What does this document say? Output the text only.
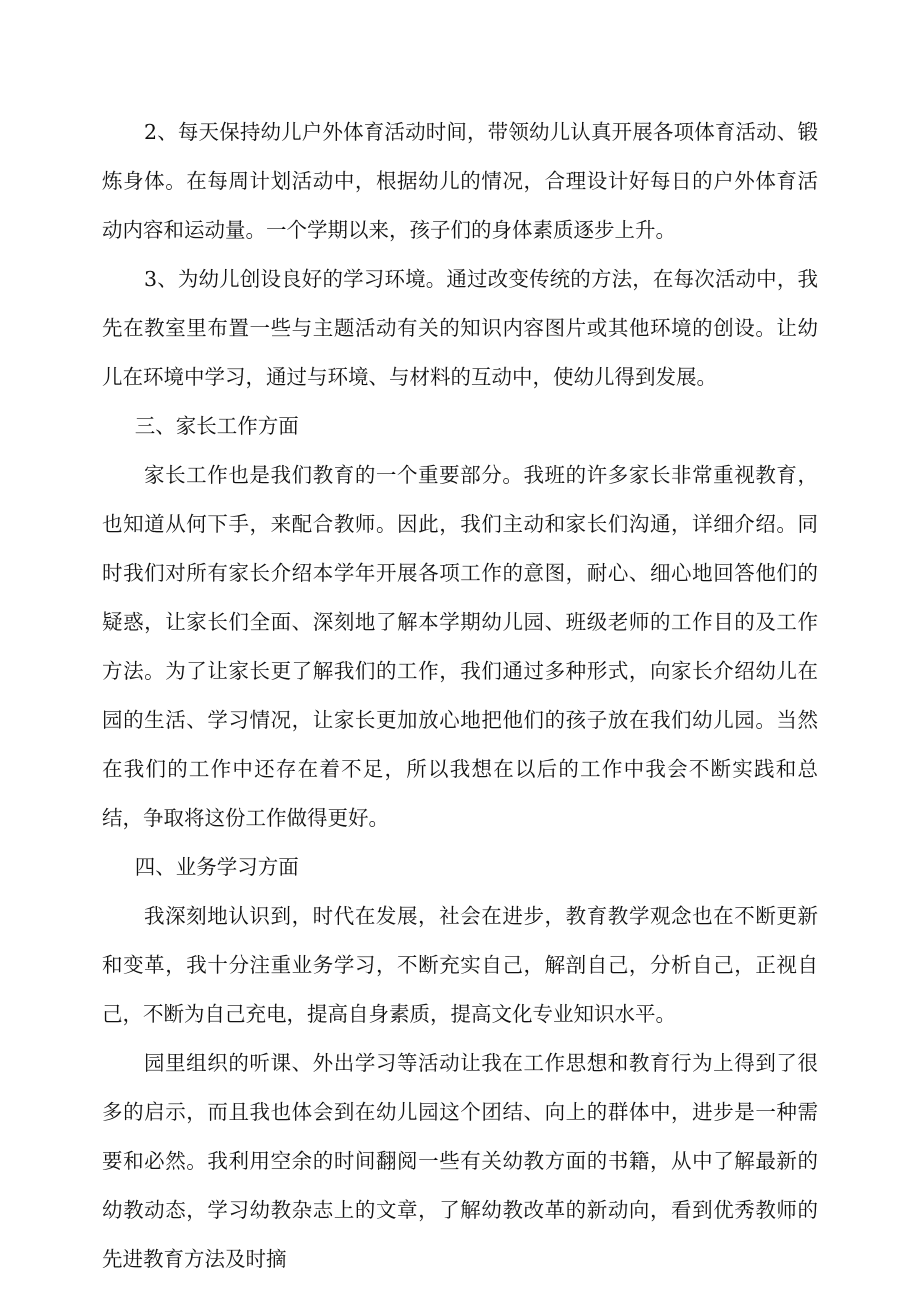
2、每天保持幼儿户外体育活动时间，带领幼儿认真开展各项体育活动、锻炼身体。在每周计划活动中，根据幼儿的情况，合理设计好每日的户外体育活动内容和运动量。一个学期以来，孩子们的身体素质逐步上升。

3、为幼儿创设良好的学习环境。通过改变传统的方法，在每次活动中，我先在教室里布置一些与主题活动有关的知识内容图片或其他环境的创设。让幼儿在环境中学习，通过与环境、与材料的互动中，使幼儿得到发展。

三、家长工作方面

家长工作也是我们教育的一个重要部分。我班的许多家长非常重视教育，也知道从何下手，来配合教师。因此，我们主动和家长们沟通，详细介绍。同时我们对所有家长介绍本学年开展各项工作的意图，耐心、细心地回答他们的疑惑，让家长们全面、深刻地了解本学期幼儿园、班级老师的工作目的及工作方法。为了让家长更了解我们的工作，我们通过多种形式，向家长介绍幼儿在园的生活、学习情况，让家长更加放心地把他们的孩子放在我们幼儿园。当然在我们的工作中还存在着不足，所以我想在以后的工作中我会不断实践和总结，争取将这份工作做得更好。

四、业务学习方面

我深刻地认识到，时代在发展，社会在进步，教育教学观念也在不断更新和变革，我十分注重业务学习，不断充实自己，解剖自己，分析自己，正视自己，不断为自己充电，提高自身素质，提高文化专业知识水平。

园里组织的听课、外出学习等活动让我在工作思想和教育行为上得到了很多的启示，而且我也体会到在幼儿园这个团结、向上的群体中，进步是一种需要和必然。我利用空余的时间翻阅一些有关幼教方面的书籍，从中了解最新的幼教动态，学习幼教杂志上的文章，了解幼教改革的新动向，看到优秀教师的先进教育方法及时摘
